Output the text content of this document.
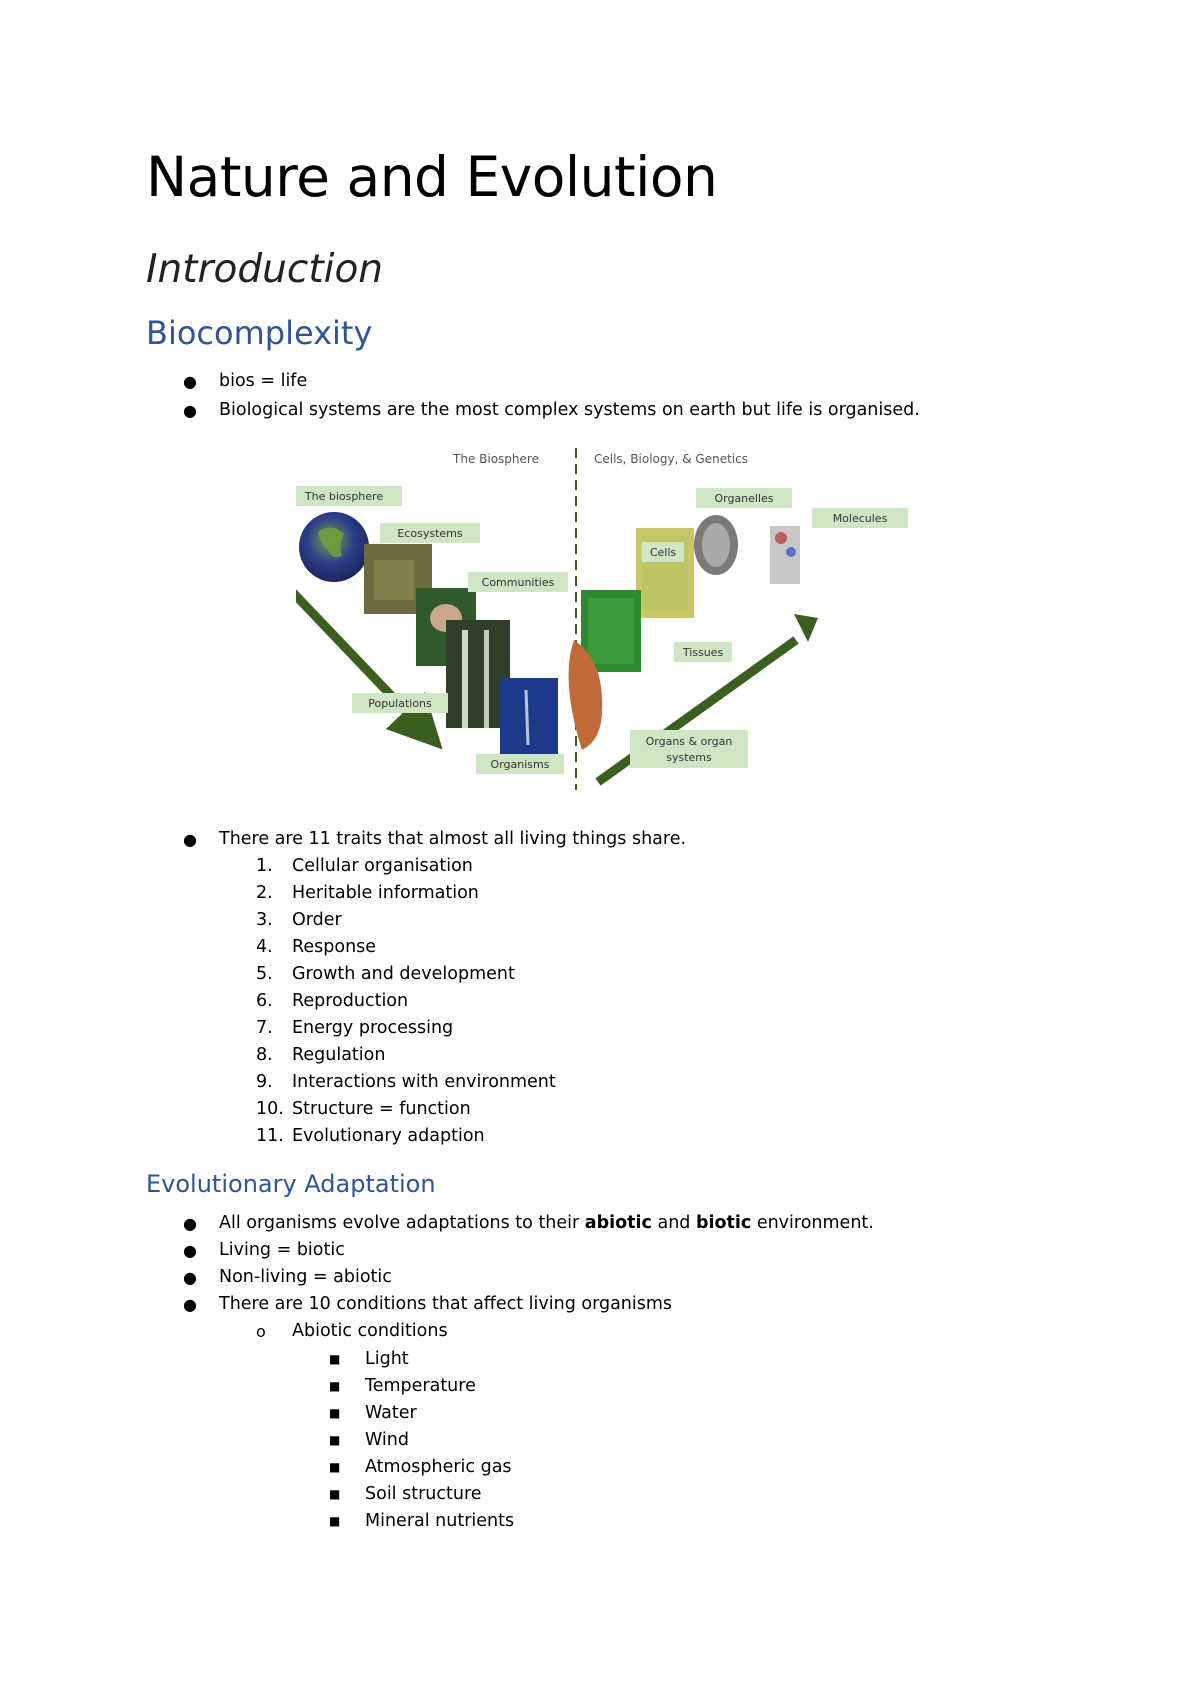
Nature and Evolution
Introduction
Biocomplexity
● bios = life
● Biological systems are the most complex systems on earth but life is organised.
The Biosphere	Cells, Biology, & Genetics
The biosphere
Ecosystems
Communities
Populations
Organisms
Organelles
Molecules
Cells
Tissues
Organs & organ
systems
● There are 11 traits that almost all living things share.
1. Cellular organisation
2. Heritable information
3. Order
4. Response
5. Growth and development
6. Reproduction
7. Energy processing
8. Regulation
9. Interactions with environment
10. Structure = function
11. Evolutionary adaption
Evolutionary Adaptation
● All organisms evolve adaptations to their abiotic and biotic environment.
● Living = biotic
● Non-living = abiotic
● There are 10 conditions that affect living organisms
o Abiotic conditions
■ Light
■ Temperature
■ Water
■ Wind
■ Atmospheric gas
■ Soil structure
■ Mineral nutrients
